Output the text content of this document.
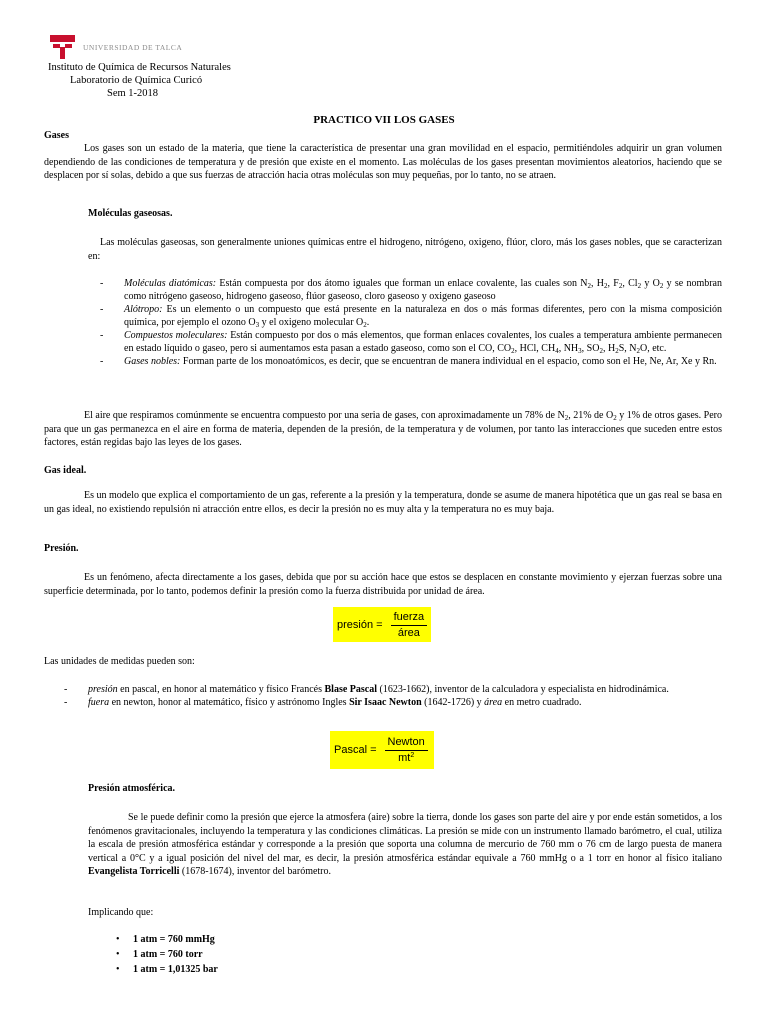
UNIVERSIDAD DE TALCA
Instituto de Química de Recursos Naturales
Laboratorio de Química Curicó
Sem 1-2018
PRACTICO VII LOS GASES
Gases
Los gases son un estado de la materia, que tiene la característica de presentar una gran movilidad en el espacio, permitiéndoles adquirir un gran volumen dependiendo de las condiciones de temperatura y de presión que existe en el momento. Las moléculas de los gases presentan movimientos aleatorios, haciendo que se desplacen por sí solas, debido a que sus fuerzas de atracción hacia otras moléculas son muy pequeñas, por lo tanto, no se atraen.
Moléculas gaseosas.
Las moléculas gaseosas, son generalmente uniones químicas entre el hidrogeno, nitrógeno, oxigeno, flúor, cloro, más los gases nobles, que se caracterizan en:
- Moléculas diatómicas: Están compuesta por dos átomo iguales que forman un enlace covalente, las cuales son $N_2$, $H_2$, $F_2$, $Cl_2$ y $O_2$ y se nombran como nitrógeno gaseoso, hidrogeno gaseoso, flúor gaseoso, cloro gaseoso y oxigeno gaseoso
- Alótropo: Es un elemento o un compuesto que está presente en la naturaleza en dos o más formas diferentes, pero con la misma composición química, por ejemplo el ozono $O_3$ y el oxigeno molecular $O_2$.
- Compuestos moleculares: Están compuesto por dos o más elementos, que forman enlaces covalentes, los cuales a temperatura ambiente permanecen en estado líquido o gaseo, pero si aumentamos esta pasan a estado gaseoso, como son el CO, $CO_2$, HCl, $CH_4$, $NH_3$, $SO_2$, $H_2S$, $N_2O$, etc.
- Gases nobles: Forman parte de los monoatómicos, es decir, que se encuentran de manera individual en el espacio, como son el He, Ne, Ar, Xe y Rn.
El aire que respiramos comúnmente se encuentra compuesto por una seria de gases, con aproximadamente un 78% de $N_2$, 21% de $O_2$ y 1% de otros gases. Pero para que un gas permanezca en el aire en forma de materia, dependen de la presión, de la temperatura y de volumen, por tanto las interacciones que suceden entre estos factores, están regidas bajo las leyes de los gases.
Gas ideal.
Es un modelo que explica el comportamiento de un gas, referente a la presión y la temperatura, donde se asume de manera hipotética que un gas real se basa en un gas ideal, no existiendo repulsión ni atracción entre ellos, es decir la presión no es muy alta y la temperatura no es muy baja.
Presión.
Es un fenómeno, afecta directamente a los gases, debida que por su acción hace que estos se desplacen en constante movimiento y ejerzan fuerzas sobre una superficie determinada, por lo tanto, podemos definir la presión como la fuerza distribuida por unidad de área.
presión = $\frac{\text{fuerza}}{\text{área}}$
Las unidades de medidas pueden son:
- presión en pascal, en honor al matemático y físico Francés Blase Pascal (1623-1662), inventor de la calculadora y especialista en hidrodinámica.
- fuera en newton, honor al matemático, físico y astrónomo Ingles Sir Isaac Newton (1642-1726) y área en metro cuadrado.
Pascal = $\frac{\text{Newton}}{mt^2}$
Presión atmosférica.
Se le puede definir como la presión que ejerce la atmosfera (aire) sobre la tierra, donde los gases son parte del aire y por ende están sometidos, a los fenómenos gravitacionales, incluyendo la temperatura y las condiciones climáticas. La presión se mide con un instrumento llamado barómetro, el cual, utiliza la escala de presión atmosférica estándar y corresponde a la presión que soporta una columna de mercurio de 760 mm o 76 cm de largo puesta de manera vertical a 0°C y a igual posición del nivel del mar, es decir, la presión atmosférica estándar equivale a 760 mmHg o a 1 torr en honor al físico italiano Evangelista Torricelli (1678-1674), inventor del barómetro.
Implicando que:
• 1 atm = 760 mmHg
• 1 atm = 760 torr
• 1 atm = 1,01325 bar
